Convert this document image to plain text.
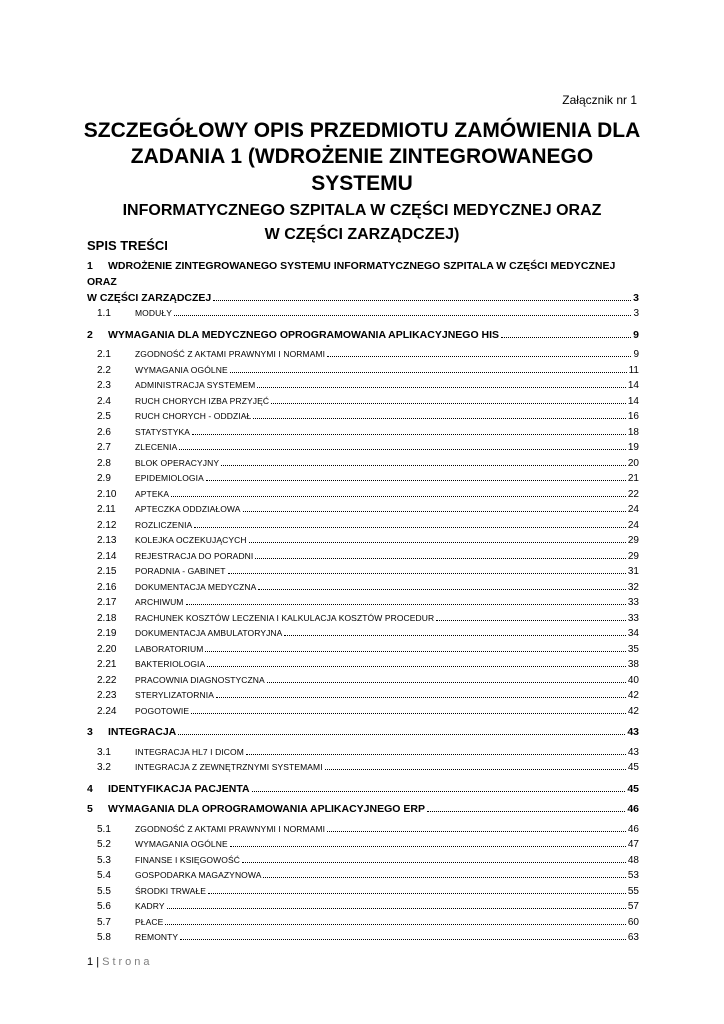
Załącznik nr 1
SZCZEGÓŁOWY OPIS PRZEDMIOTU ZAMÓWIENIA DLA
ZADANIA 1 (WDROŻENIE ZINTEGROWANEGO SYSTEMU
INFORMATYCZNEGO SZPITALA W CZĘŚCI MEDYCZNEJ ORAZ
W CZĘŚCI ZARZĄDCZEJ)
SPIS TREŚCI
1 WDROŻENIE ZINTEGROWANEGO SYSTEMU INFORMATYCZNEGO SZPITALA W CZĘŚCI MEDYCZNEJ ORAZ
W CZĘŚCI ZARZĄDCZEJ	3
1.1	MODUŁY	3
2	WYMAGANIA DLA MEDYCZNEGO OPROGRAMOWANIA APLIKACYJNEGO HIS	9
2.1	ZGODNOŚĆ Z AKTAMI PRAWNYMI I NORMAMI	9
2.2	WYMAGANIA OGÓLNE	11
2.3	ADMINISTRACJA SYSTEMEM	14
2.4	RUCH CHORYCH IZBA PRZYJĘĆ	14
2.5	RUCH CHORYCH - ODDZIAŁ	16
2.6	STATYSTYKA	18
2.7	ZLECENIA	19
2.8	BLOK OPERACYJNY	20
2.9	EPIDEMIOLOGIA	21
2.10	APTEKA	22
2.11	APTECZKA ODDZIAŁOWA	24
2.12	ROZLICZENIA	24
2.13	KOLEJKA OCZEKUJĄCYCH	29
2.14	REJESTRACJA DO PORADNI	29
2.15	PORADNIA - GABINET	31
2.16	DOKUMENTACJA MEDYCZNA	32
2.17	ARCHIWUM	33
2.18	RACHUNEK KOSZTÓW LECZENIA I KALKULACJA KOSZTÓW PROCEDUR	33
2.19	DOKUMENTACJA AMBULATORYJNA	34
2.20	LABORATORIUM	35
2.21	BAKTERIOLOGIA	38
2.22	PRACOWNIA DIAGNOSTYCZNA	40
2.23	STERYLIZATORNIA	42
2.24	POGOTOWIE	42
3	INTEGRACJA	43
3.1	INTEGRACJA HL7 I DICOM	43
3.2	INTEGRACJA Z ZEWNĘTRZNYMI SYSTEMAMI	45
4	IDENTYFIKACJA PACJENTA	45
5	WYMAGANIA DLA OPROGRAMOWANIA APLIKACYJNEGO ERP	46
5.1	ZGODNOŚĆ Z AKTAMI PRAWNYMI I NORMAMI	46
5.2	WYMAGANIA OGÓLNE	47
5.3	FINANSE I KSIĘGOWOŚĆ	48
5.4	GOSPODARKA MAGAZYNOWA	53
5.5	ŚRODKI TRWAŁE	55
5.6	KADRY	57
5.7	PŁACE	60
5.8	REMONTY	63
1 | Strona
